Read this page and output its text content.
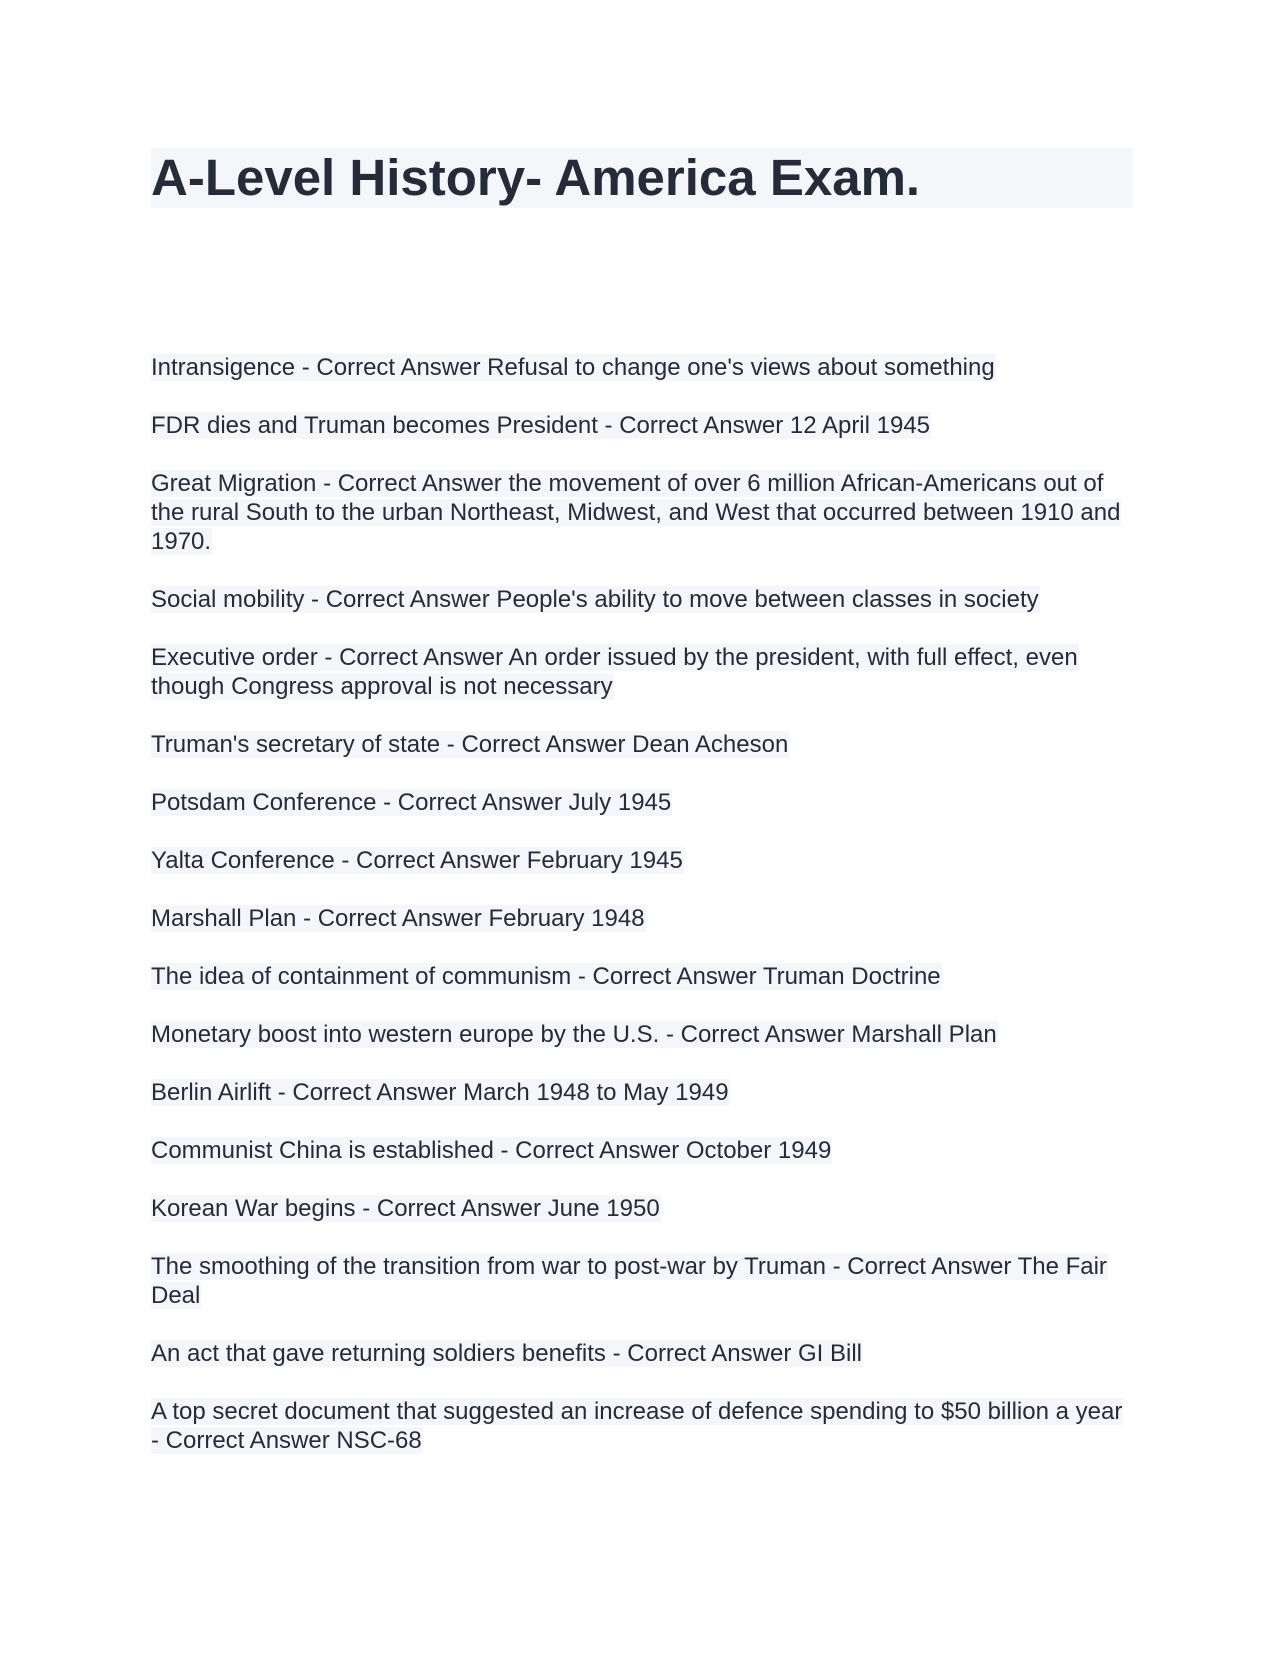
A-Level History- America Exam.
Intransigence - Correct Answer Refusal to change one's views about something
FDR dies and Truman becomes President - Correct Answer 12 April 1945
Great Migration - Correct Answer the movement of over 6 million African-Americans out of the rural South to the urban Northeast, Midwest, and West that occurred between 1910 and 1970.
Social mobility - Correct Answer People's ability to move between classes in society
Executive order - Correct Answer An order issued by the president, with full effect, even though Congress approval is not necessary
Truman's secretary of state - Correct Answer Dean Acheson
Potsdam Conference - Correct Answer July 1945
Yalta Conference - Correct Answer February 1945
Marshall Plan - Correct Answer February 1948
The idea of containment of communism - Correct Answer Truman Doctrine
Monetary boost into western europe by the U.S. - Correct Answer Marshall Plan
Berlin Airlift - Correct Answer March 1948 to May 1949
Communist China is established - Correct Answer October 1949
Korean War begins - Correct Answer June 1950
The smoothing of the transition from war to post-war by Truman - Correct Answer The Fair Deal
An act that gave returning soldiers benefits - Correct Answer GI Bill
A top secret document that suggested an increase of defence spending to $50 billion a year - Correct Answer NSC-68
